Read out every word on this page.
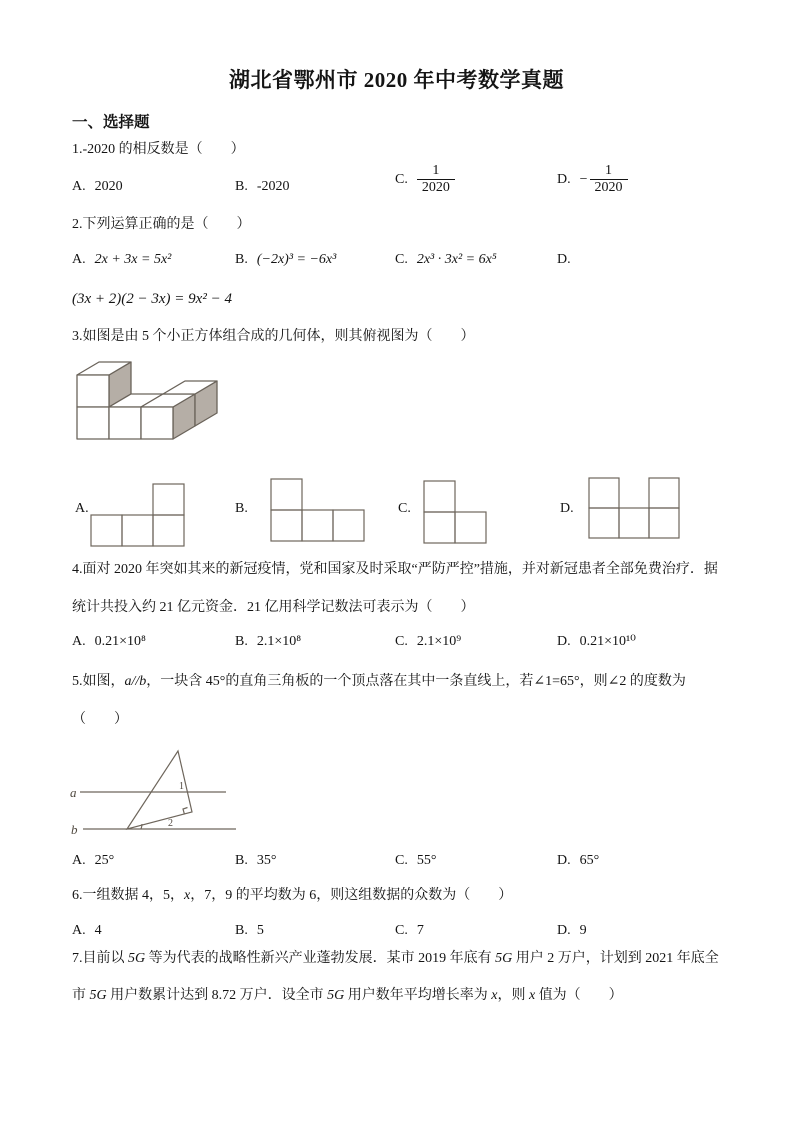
湖北省鄂州市 2020 年中考数学真题
一、选择题
1.-2020 的相反数是（　　）
A. 2020	B. -2020	C. $\frac{1}{2020}$	D. − $\frac{1}{2020}$
2.下列运算正确的是（　　）
A. 2x + 3x = 5x²	B. (−2x)³ = −6x³	C. 2x³ · 3x² = 6x⁵	D.
(3x + 2)(2 − 3x) = 9x² − 4
3.如图是由 5 个小正方体组合成的几何体，则其俯视图为（　　）
A.	B.	C.	D.
4.面对 2020 年突如其来的新冠疫情，党和国家及时采取“严防严控”措施，并对新冠患者全部免费治疗．据
统计共投入约 21 亿元资金．21 亿用科学记数法可表示为（　　）
A. 0.21×10⁸	B. 2.1×10⁸	C. 2.1×10⁹	D. 0.21×10¹⁰
5.如图，a//b，一块含 45°的直角三角板的一个顶点落在其中一条直线上，若∠1=65°，则∠2 的度数为
（　　）
a
b
1
2
A. 25°	B. 35°	C. 55°	D. 65°
6.一组数据 4，5，x，7，9 的平均数为 6，则这组数据的众数为（　　）
A. 4	B. 5	C. 7	D. 9
7.目前以 5G 等为代表的战略性新兴产业蓬勃发展．某市 2019 年底有 5G 用户 2 万户，计划到 2021 年底全
市 5G 用户数累计达到 8.72 万户．设全市 5G 用户数年平均增长率为 x，则 x 值为（　　）
